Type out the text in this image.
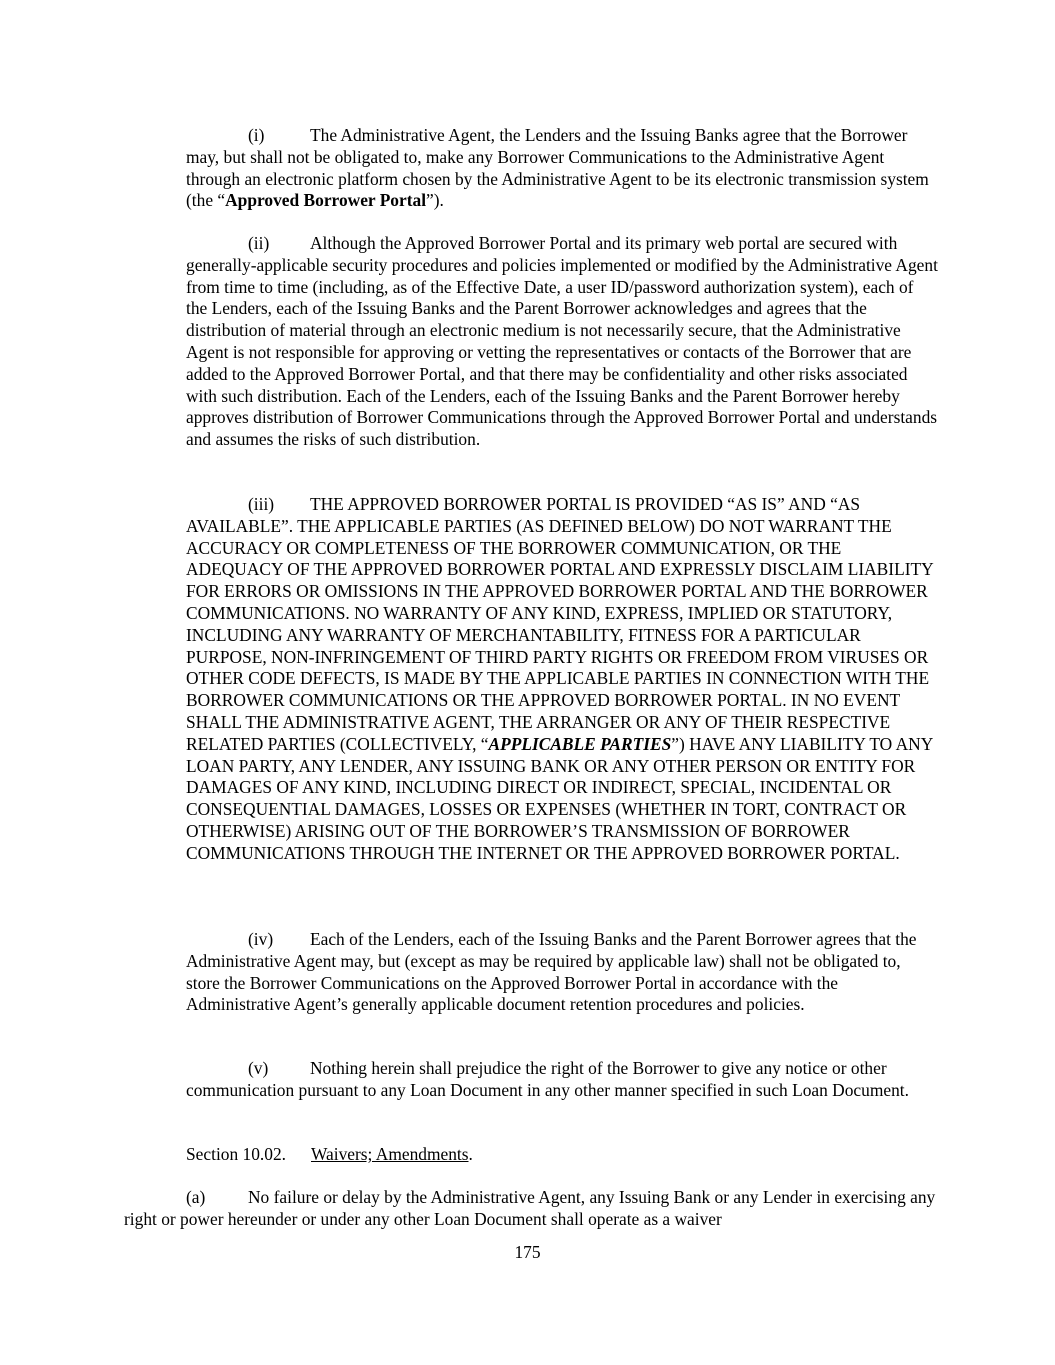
(i)	The Administrative Agent, the Lenders and the Issuing Banks agree that the Borrower may, but shall not be obligated to, make any Borrower Communications to the Administrative Agent through an electronic platform chosen by the Administrative Agent to be its electronic transmission system (the “Approved Borrower Portal”).

(ii) Although the Approved Borrower Portal and its primary web portal are secured with generally-applicable security procedures and policies implemented or modified by the Administrative Agent from time to time (including, as of the Effective Date, a user ID/password authorization system), each of the Lenders, each of the Issuing Banks and the Parent Borrower acknowledges and agrees that the distribution of material through an electronic medium is not necessarily secure, that the Administrative Agent is not responsible for approving or vetting the representatives or contacts of the Borrower that are added to the Approved Borrower Portal, and that there may be confidentiality and other risks associated with such distribution. Each of the Lenders, each of the Issuing Banks and the Parent Borrower hereby approves distribution of Borrower Communications through the Approved Borrower Portal and understands and assumes the risks of such distribution.

(iii) THE APPROVED BORROWER PORTAL IS PROVIDED “AS IS” AND “AS AVAILABLE”. THE APPLICABLE PARTIES (AS DEFINED BELOW) DO NOT WARRANT THE ACCURACY OR COMPLETENESS OF THE BORROWER COMMUNICATION, OR THE ADEQUACY OF THE APPROVED BORROWER PORTAL AND EXPRESSLY DISCLAIM LIABILITY FOR ERRORS OR OMISSIONS IN THE APPROVED BORROWER PORTAL AND THE BORROWER COMMUNICATIONS. NO WARRANTY OF ANY KIND, EXPRESS, IMPLIED OR STATUTORY, INCLUDING ANY WARRANTY OF MERCHANTABILITY, FITNESS FOR A PARTICULAR PURPOSE, NON-INFRINGEMENT OF THIRD PARTY RIGHTS OR FREEDOM FROM VIRUSES OR OTHER CODE DEFECTS, IS MADE BY THE APPLICABLE PARTIES IN CONNECTION WITH THE BORROWER COMMUNICATIONS OR THE APPROVED BORROWER PORTAL. IN NO EVENT SHALL THE ADMINISTRATIVE AGENT, THE ARRANGER OR ANY OF THEIR RESPECTIVE RELATED PARTIES (COLLECTIVELY, “APPLICABLE PARTIES”) HAVE ANY LIABILITY TO ANY LOAN PARTY, ANY LENDER, ANY ISSUING BANK OR ANY OTHER PERSON OR ENTITY FOR DAMAGES OF ANY KIND, INCLUDING DIRECT OR INDIRECT, SPECIAL, INCIDENTAL OR CONSEQUENTIAL DAMAGES, LOSSES OR EXPENSES (WHETHER IN TORT, CONTRACT OR OTHERWISE) ARISING OUT OF THE BORROWER’S TRANSMISSION OF BORROWER COMMUNICATIONS THROUGH THE INTERNET OR THE APPROVED BORROWER PORTAL.

(iv) Each of the Lenders, each of the Issuing Banks and the Parent Borrower agrees that the Administrative Agent may, but (except as may be required by applicable law) shall not be obligated to, store the Borrower Communications on the Approved Borrower Portal in accordance with the Administrative Agent’s generally applicable document retention procedures and policies.

(v) Nothing herein shall prejudice the right of the Borrower to give any notice or other communication pursuant to any Loan Document in any other manner specified in such Loan Document.

Section 10.02. Waivers; Amendments.

(a) No failure or delay by the Administrative Agent, any Issuing Bank or any Lender in exercising any right or power hereunder or under any other Loan Document shall operate as a waiver

175
